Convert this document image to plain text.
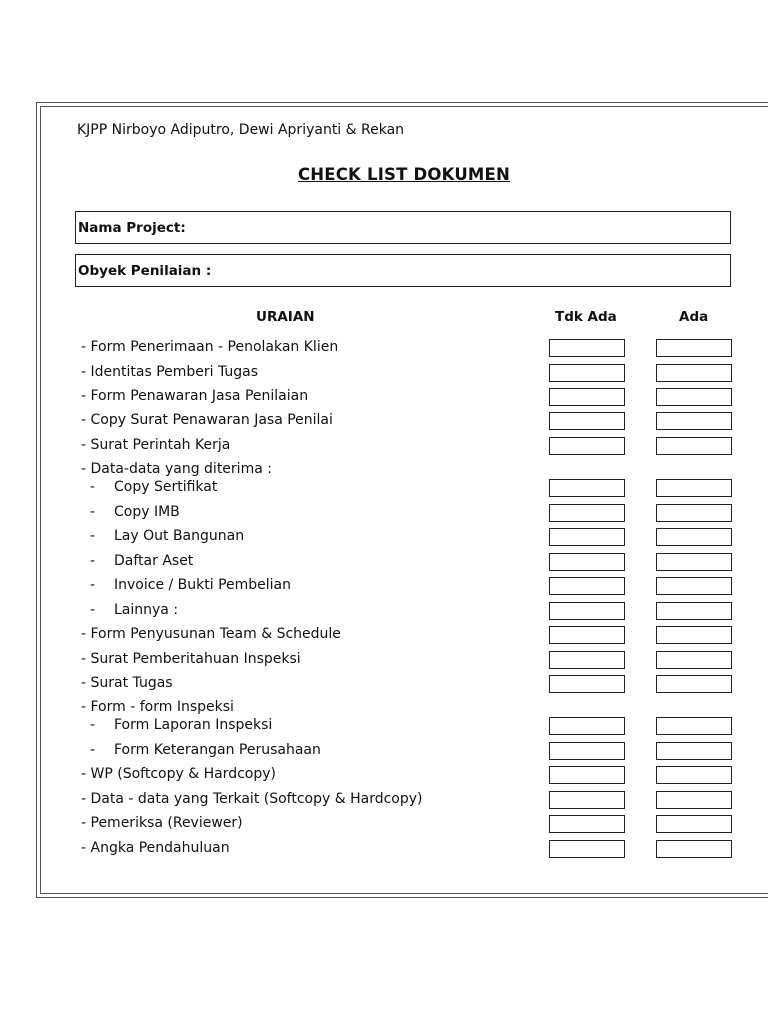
KJPP Nirboyo Adiputro, Dewi Apriyanti & Rekan
CHECK LIST DOKUMEN
Nama Project:
Obyek Penilaian :
URAIAN	Tdk Ada	Ada
- Form Penerimaan - Penolakan Klien
- Identitas Pemberi Tugas
- Form Penawaran Jasa Penilaian
- Copy Surat Penawaran Jasa Penilai
- Surat Perintah Kerja
- Data-data yang diterima :
- Copy Sertifikat
- Copy IMB
- Lay Out Bangunan
- Daftar Aset
- Invoice / Bukti Pembelian
- Lainnya :
- Form Penyusunan Team & Schedule
- Surat Pemberitahuan Inspeksi
- Surat Tugas
- Form - form Inspeksi
- Form Laporan Inspeksi
- Form Keterangan Perusahaan
- WP (Softcopy & Hardcopy)
- Data - data yang Terkait (Softcopy & Hardcopy)
- Pemeriksa (Reviewer)
- Angka Pendahuluan
